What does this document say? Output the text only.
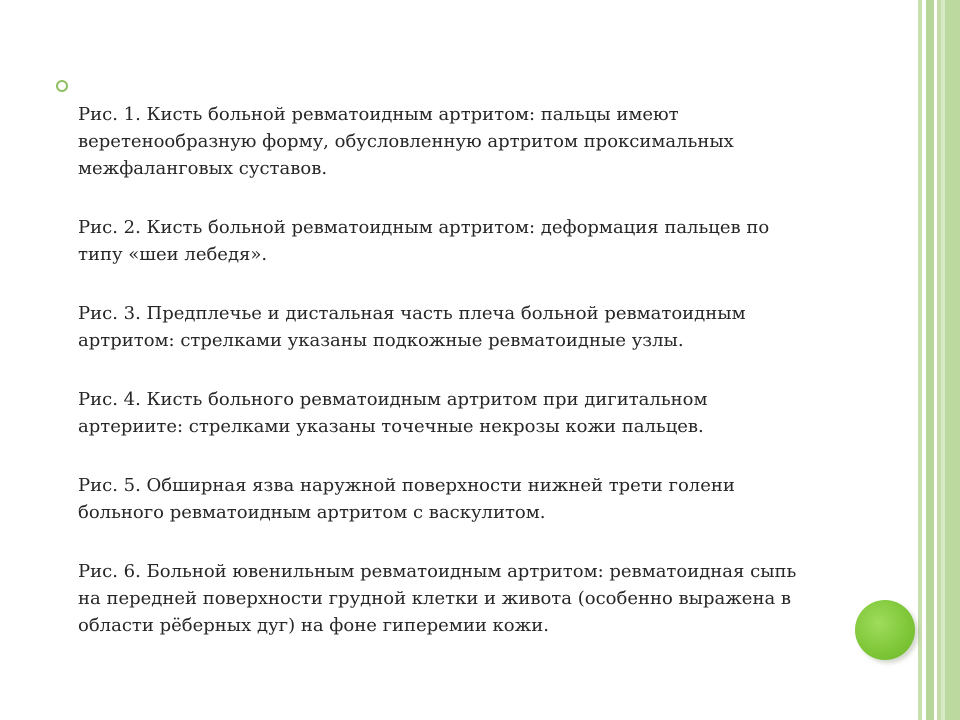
Рис. 1. Кисть больной ревматоидным артритом: пальцы имеют
веретенообразную форму, обусловленную артритом проксимальных
межфаланговых суставов.

Рис. 2. Кисть больной ревматоидным артритом: деформация пальцев по
типу «шеи лебедя».

Рис. 3. Предплечье и дистальная часть плеча больной ревматоидным
артритом: стрелками указаны подкожные ревматоидные узлы.

Рис. 4. Кисть больного ревматоидным артритом при дигитальном
артериите: стрелками указаны точечные некрозы кожи пальцев.

Рис. 5. Обширная язва наружной поверхности нижней трети голени
больного ревматоидным артритом с васкулитом.

Рис. 6. Больной ювенильным ревматоидным артритом: ревматоидная сыпь
на передней поверхности грудной клетки и живота (особенно выражена в
области рёберных дуг) на фоне гиперемии кожи.
